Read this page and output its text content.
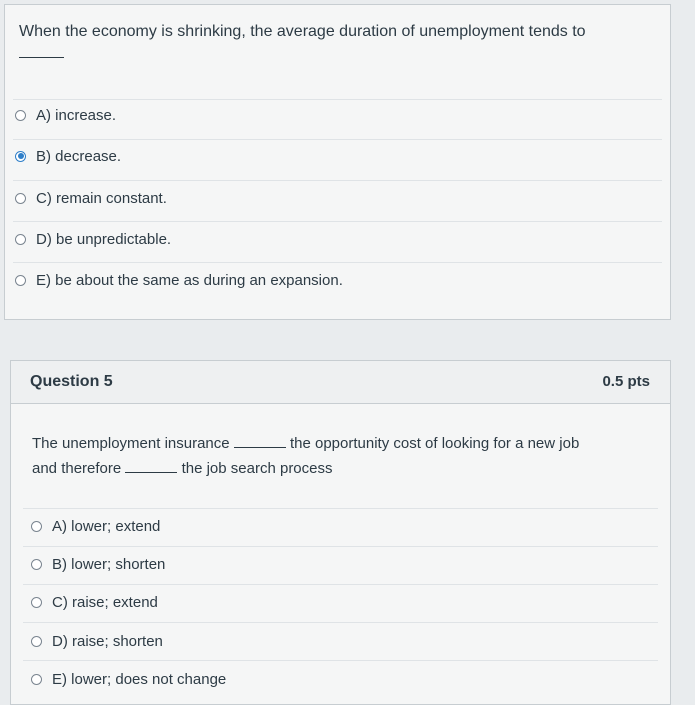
When the economy is shrinking, the average duration of unemployment tends to
A) increase.
B) decrease.
C) remain constant.
D) be unpredictable.
E) be about the same as during an expansion.
Question 5	0.5 pts
The unemployment insurance	the opportunity cost of looking for a new job
and therefore	the job search process
A) lower; extend
B) lower; shorten
C) raise; extend
D) raise; shorten
E) lower; does not change
